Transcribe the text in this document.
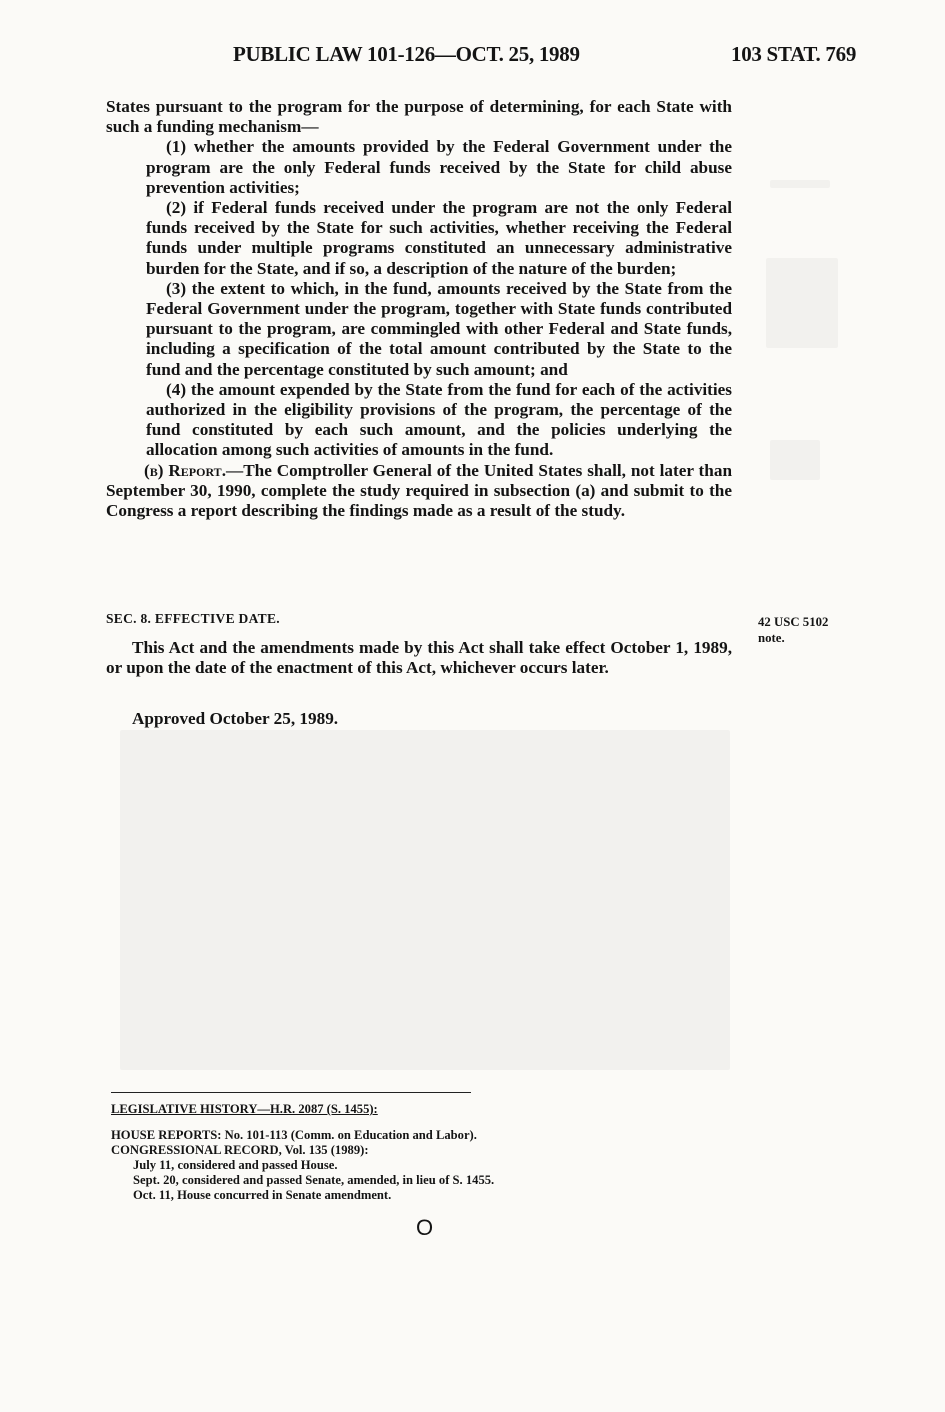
PUBLIC LAW 101-126—OCT. 25, 1989	103 STAT. 769

States pursuant to the program for the purpose of determining, for each State with such a funding mechanism—

(1) whether the amounts provided by the Federal Government under the program are the only Federal funds received by the State for child abuse prevention activities;

(2) if Federal funds received under the program are not the only Federal funds received by the State for such activities, whether receiving the Federal funds under multiple programs constituted an unnecessary administrative burden for the State, and if so, a description of the nature of the burden;

(3) the extent to which, in the fund, amounts received by the State from the Federal Government under the program, together with State funds contributed pursuant to the program, are commingled with other Federal and State funds, including a specification of the total amount contributed by the State to the fund and the percentage constituted by such amount; and

(4) the amount expended by the State from the fund for each of the activities authorized in the eligibility provisions of the program, the percentage of the fund constituted by each such amount, and the policies underlying the allocation among such activities of amounts in the fund.

(b) Report.—The Comptroller General of the United States shall, not later than September 30, 1990, complete the study required in subsection (a) and submit to the Congress a report describing the findings made as a result of the study.

SEC. 8. EFFECTIVE DATE.	42 USC 5102
note.

This Act and the amendments made by this Act shall take effect October 1, 1989, or upon the date of the enactment of this Act, whichever occurs later.

Approved October 25, 1989.
LEGISLATIVE HISTORY—H.R. 2087 (S. 1455):
HOUSE REPORTS: No. 101-113 (Comm. on Education and Labor).
CONGRESSIONAL RECORD, Vol. 135 (1989):
July 11, considered and passed House.
Sept. 20, considered and passed Senate, amended, in lieu of S. 1455.
Oct. 11, House concurred in Senate amendment.
O
